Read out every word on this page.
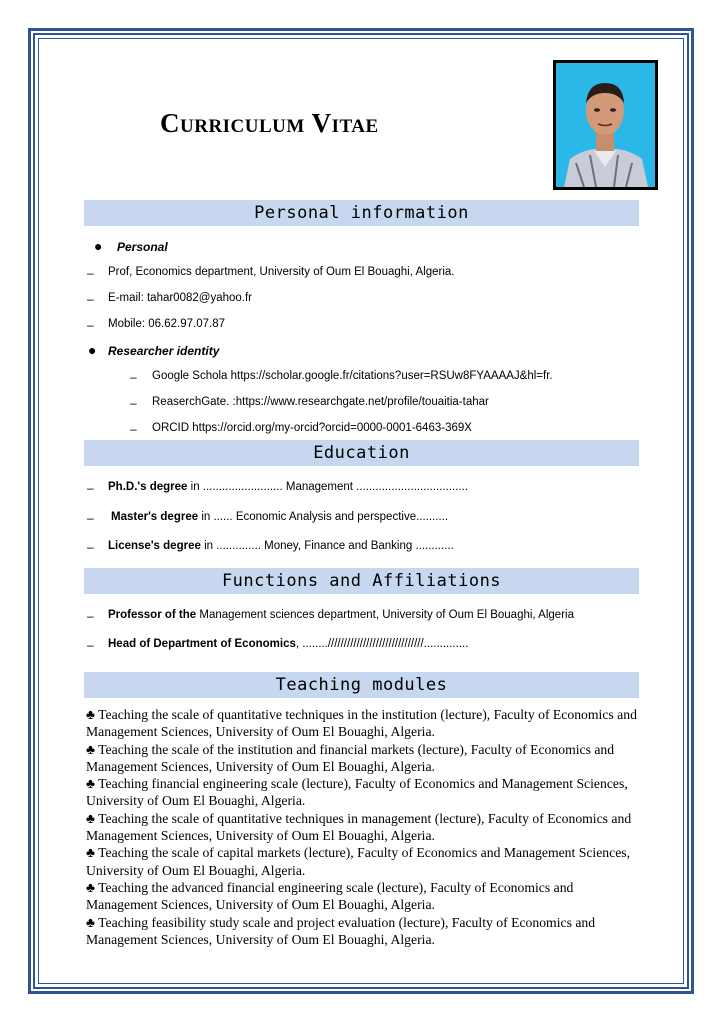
Curriculum Vitae
Personal information
● Personal
– Prof, Economics department, University of Oum El Bouaghi, Algeria.
– E-mail: tahar0082@yahoo.fr
– Mobile: 06.62.97.07.87
● Researcher identity
– Google Schola https://scholar.google.fr/citations?user=RSUw8FYAAAAJ&hl=fr.
– ReaserchGate. :https://www.researchgate.net/profile/touaitia-tahar
– ORCID https://orcid.org/my-orcid?orcid=0000-0001-6463-369X
Education
– Ph.D.'s degree in ......................... Management ...................................
– Master's degree in ...... Economic Analysis and perspective..........
– License's degree in .............. Money, Finance and Banking ............
Functions and Affiliations
– Professor of the Management sciences department, University of Oum El Bouaghi, Algeria
– Head of Department of Economics, ........//////////////////////////////..............
Teaching modules

♣ Teaching the scale of quantitative techniques in the institution (lecture), Faculty of Economics and Management Sciences, University of Oum El Bouaghi, Algeria.

♣ Teaching the scale of the institution and financial markets (lecture), Faculty of Economics and Management Sciences, University of Oum El Bouaghi, Algeria.

♣ Teaching financial engineering scale (lecture), Faculty of Economics and Management Sciences, University of Oum El Bouaghi, Algeria.

♣ Teaching the scale of quantitative techniques in management (lecture), Faculty of Economics and Management Sciences, University of Oum El Bouaghi, Algeria.

♣ Teaching the scale of capital markets (lecture), Faculty of Economics and Management Sciences, University of Oum El Bouaghi, Algeria.

♣ Teaching the advanced financial engineering scale (lecture), Faculty of Economics and Management Sciences, University of Oum El Bouaghi, Algeria.

♣ Teaching feasibility study scale and project evaluation (lecture), Faculty of Economics and Management Sciences, University of Oum El Bouaghi, Algeria.
